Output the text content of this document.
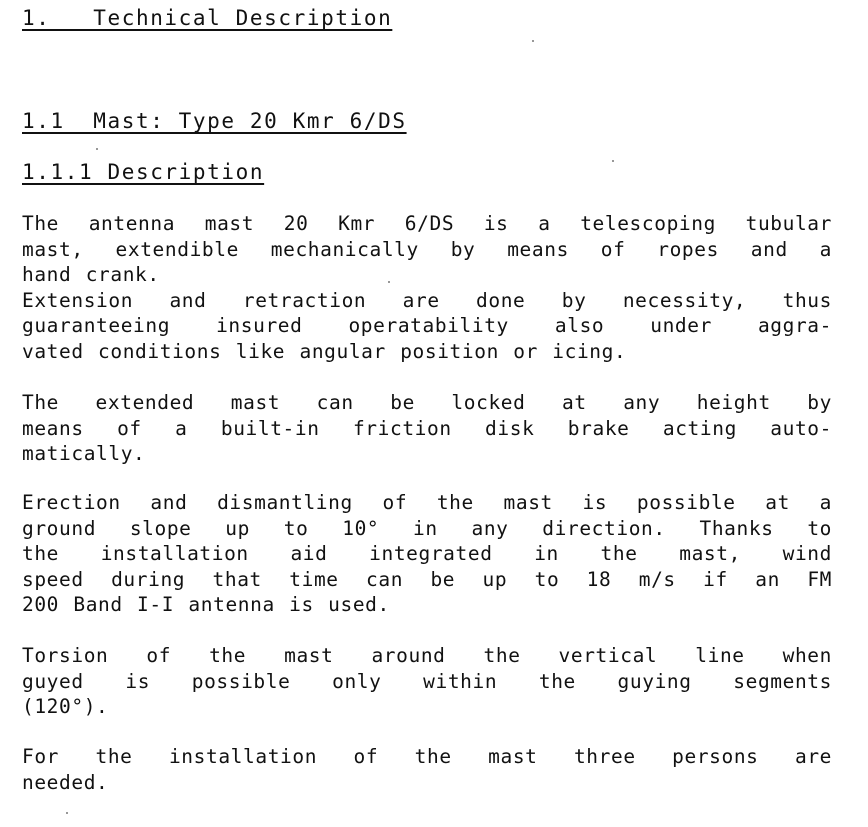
1.   Technical Description
1.1  Mast: Type 20 Kmr 6/DS
1.1.1 Description

The antenna mast 20 Kmr 6/DS is a telescoping tubular
mast, extendible mechanically by means of ropes and a
hand crank.
Extension and retraction are done by necessity, thus
guaranteeing insured operatability also under aggra-
vated conditions like angular position or icing.

The extended mast can be locked at any height by
means of a built-in friction disk brake acting auto-
matically.

Erection and dismantling of the mast is possible at a
ground slope up to 10° in any direction. Thanks to
the installation aid integrated in the mast, wind
speed during that time can be up to 18 m/s if an FM
200 Band I-I antenna is used.

Torsion of the mast around the vertical line when
guyed is possible only within the guying segments
(120°).

For the installation of the mast three persons are
needed.
